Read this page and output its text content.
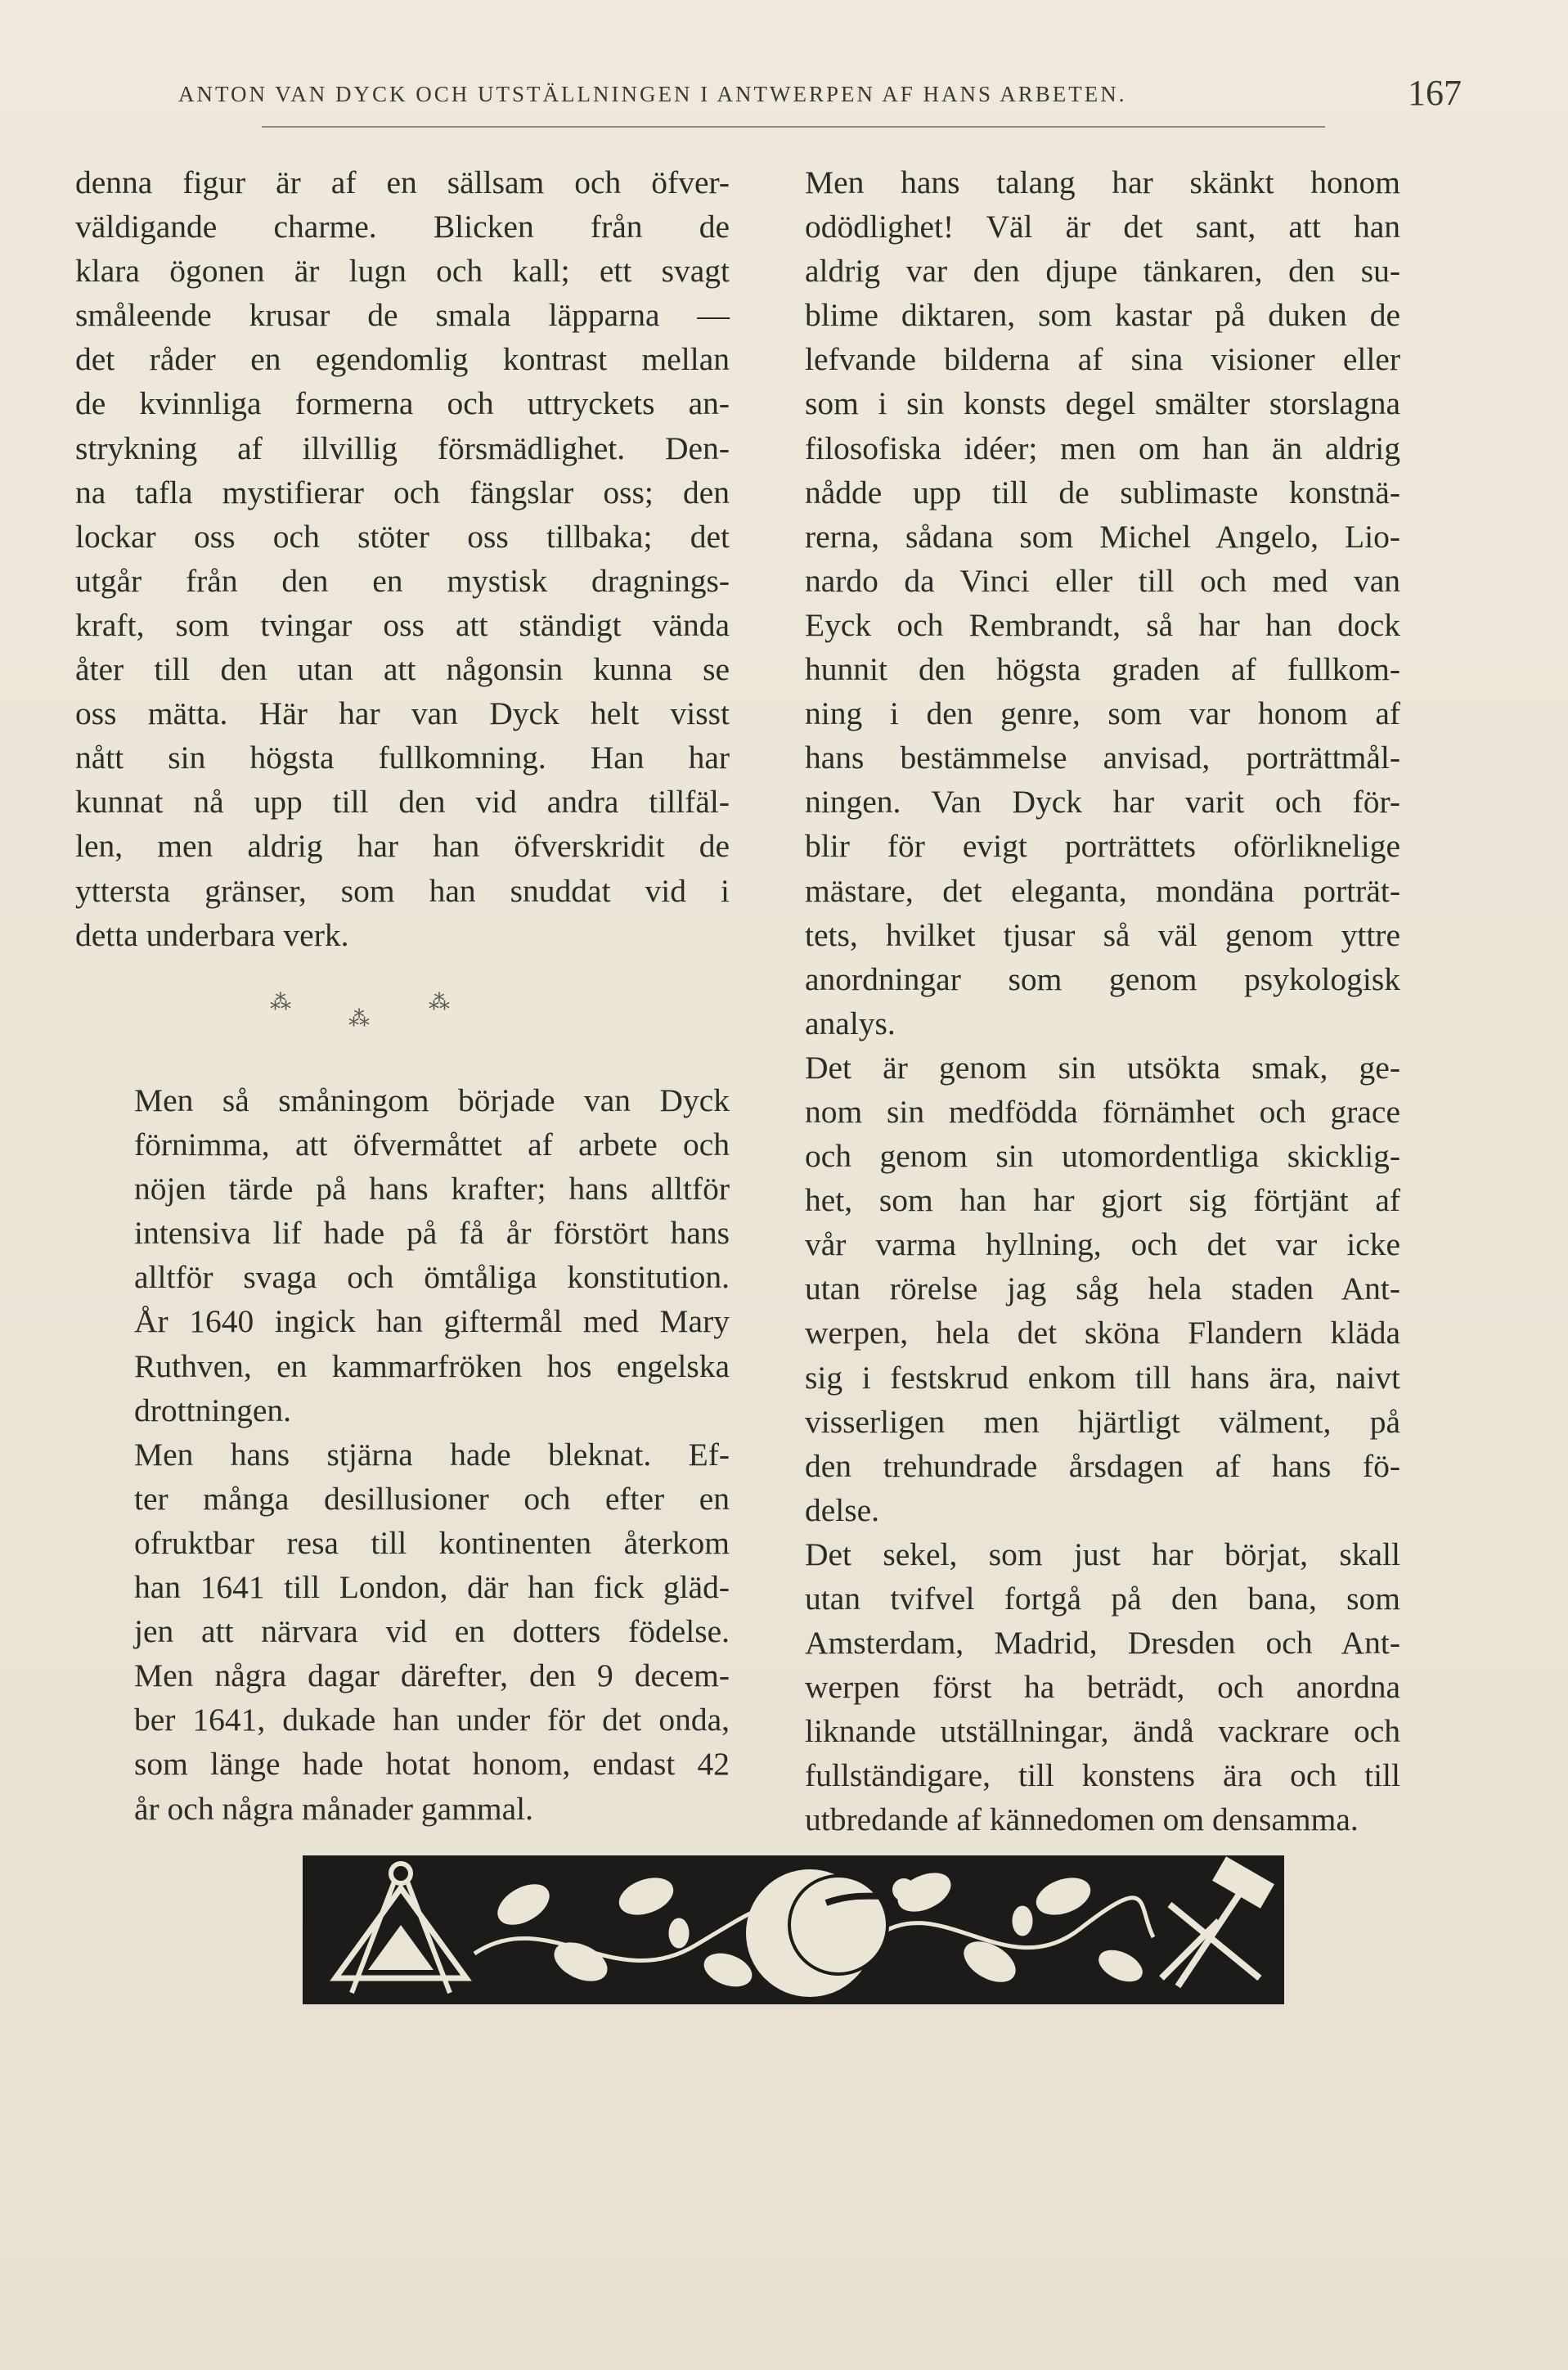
ANTON VAN DYCK OCH UTSTÄLLNINGEN I ANTWERPEN AF HANS ARBETEN.	167

denna figur är af en sällsam och öfver-
väldigande charme. Blicken från de
klara ögonen är lugn och kall; ett svagt
småleende krusar de smala läpparna —
det råder en egendomlig kontrast mellan
de kvinnliga formerna och uttryckets an-
strykning af illvillig försmädlighet. Den-
na tafla mystifierar och fängslar oss; den
lockar oss och stöter oss tillbaka; det
utgår från den en mystisk dragnings-
kraft, som tvingar oss att ständigt vända
åter till den utan att någonsin kunna se
oss mätta. Här har van Dyck helt visst
nått sin högsta fullkomning. Han har
kunnat nå upp till den vid andra tillfäl-
len, men aldrig har han öfverskridit de
yttersta gränser, som han snuddat vid i
detta underbara verk.

⁂
⁂
⁂

Men så småningom började van Dyck
förnimma, att öfvermåttet af arbete och
nöjen tärde på hans krafter; hans alltför
intensiva lif hade på få år förstört hans
alltför svaga och ömtåliga konstitution.
År 1640 ingick han giftermål med Mary
Ruthven, en kammarfröken hos engelska
drottningen.

Men hans stjärna hade bleknat. Ef-
ter många desillusioner och efter en
ofruktbar resa till kontinenten återkom
han 1641 till London, där han fick gläd-
jen att närvara vid en dotters födelse.
Men några dagar därefter, den 9 decem-
ber 1641, dukade han under för det onda,
som länge hade hotat honom, endast 42
år och några månader gammal.

Men hans talang har skänkt honom
odödlighet! Väl är det sant, att han
aldrig var den djupe tänkaren, den su-
blime diktaren, som kastar på duken de
lefvande bilderna af sina visioner eller
som i sin konsts degel smälter storslagna
filosofiska idéer; men om han än aldrig
nådde upp till de sublimaste konstnä-
rerna, sådana som Michel Angelo, Lio-
nardo da Vinci eller till och med van
Eyck och Rembrandt, så har han dock
hunnit den högsta graden af fullkom-
ning i den genre, som var honom af
hans bestämmelse anvisad, porträttmål-
ningen. Van Dyck har varit och för-
blir för evigt porträttets oförliknelige
mästare, det eleganta, mondäna porträt-
tets, hvilket tjusar så väl genom yttre
anordningar som genom psykologisk
analys.

Det är genom sin utsökta smak, ge-
nom sin medfödda förnämhet och grace
och genom sin utomordentliga skicklig-
het, som han har gjort sig förtjänt af
vår varma hyllning, och det var icke
utan rörelse jag såg hela staden Ant-
werpen, hela det sköna Flandern kläda
sig i festskrud enkom till hans ära, naivt
visserligen men hjärtligt välment, på
den trehundrade årsdagen af hans fö-
delse.

Det sekel, som just har börjat, skall
utan tvifvel fortgå på den bana, som
Amsterdam, Madrid, Dresden och Ant-
werpen först ha beträdt, och anordna
liknande utställningar, ändå vackrare och
fullständigare, till konstens ära och till
utbredande af kännedomen om densamma.
